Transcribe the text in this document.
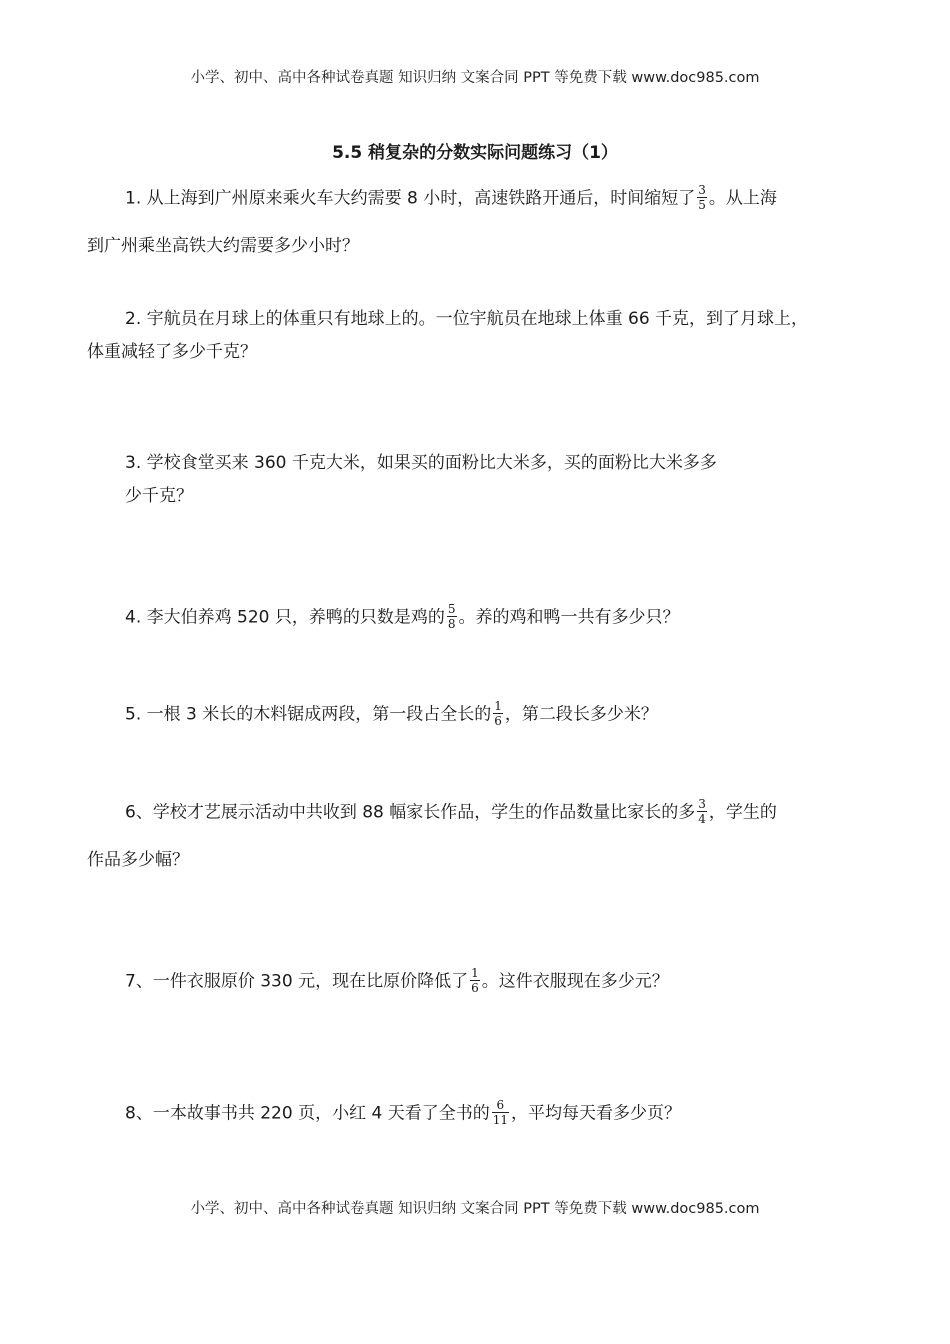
小学、初中、高中各种试卷真题 知识归纳 文案合同 PPT 等免费下载 www.doc985.com
5.5 稍复杂的分数实际问题练习（1）
1. 从上海到广州原来乘火车大约需要 8 小时，高速铁路开通后，时间缩短了 $\frac{3}{5}$ 。从上海
到广州乘坐高铁大约需要多少小时？
2. 宇航员在月球上的体重只有地球上的。一位宇航员在地球上体重 66 千克，到了月球上，
体重减轻了多少千克？
3. 学校食堂买来 360 千克大米，如果买的面粉比大米多，买的面粉比大米多多
少千克？
4. 李大伯养鸡 520 只，养鸭的只数是鸡的 $\frac{5}{8}$ 。养的鸡和鸭一共有多少只？
5. 一根 3 米长的木料锯成两段，第一段占全长的 $\frac{1}{6}$ ，第二段长多少米？
6、学校才艺展示活动中共收到 88 幅家长作品，学生的作品数量比家长的多 $\frac{3}{4}$ ，学生的
作品多少幅？
7、一件衣服原价 330 元，现在比原价降低了 $\frac{1}{6}$ 。这件衣服现在多少元？
8、一本故事书共 220 页，小红 4 天看了全书的 $\frac{6}{11}$ ，平均每天看多少页？
小学、初中、高中各种试卷真题 知识归纳 文案合同 PPT 等免费下载 www.doc985.com
